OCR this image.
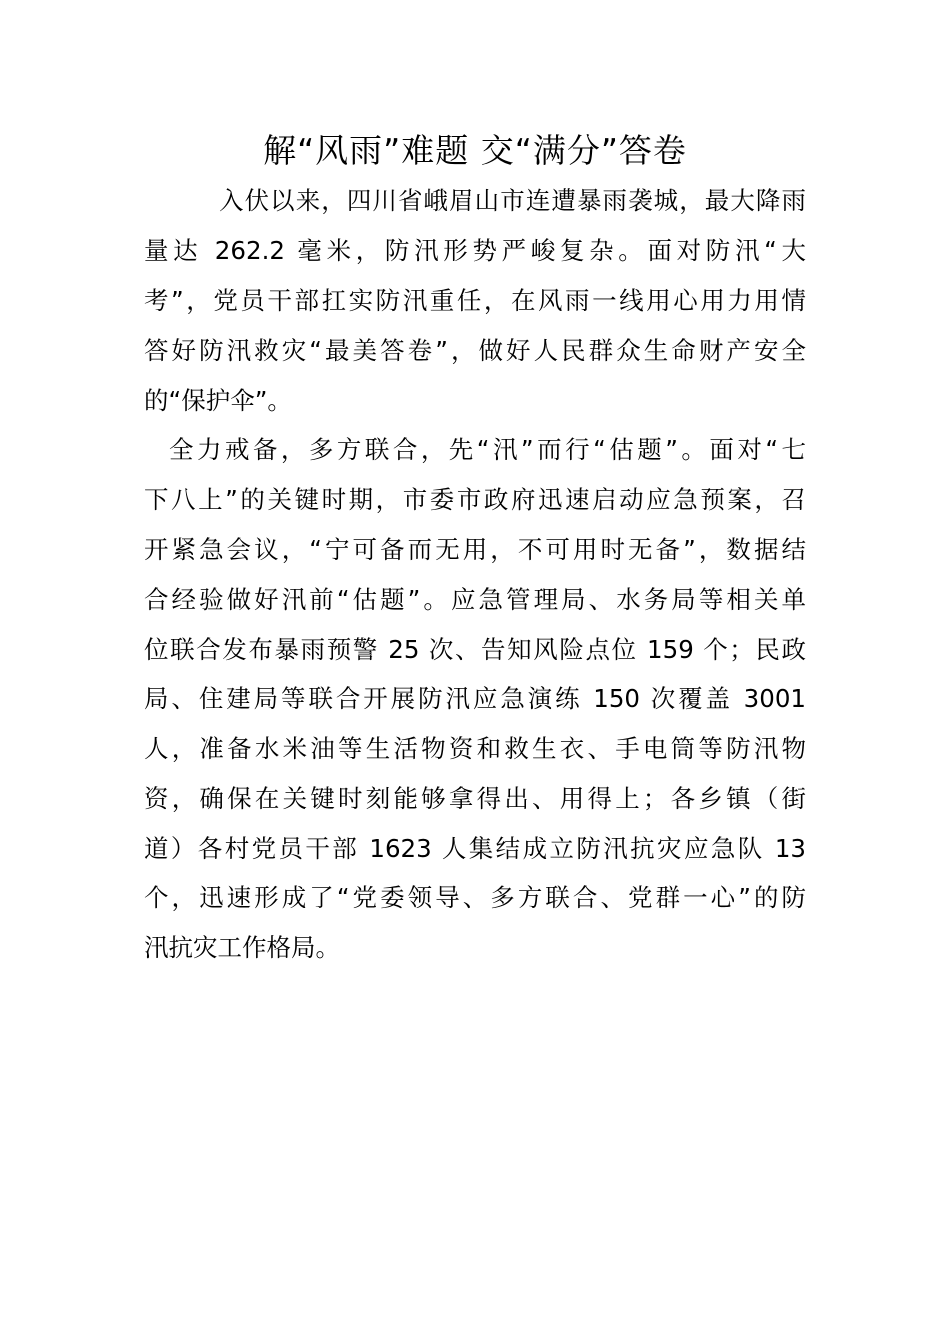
解“风雨”难题 交“满分”答卷

入伏以来，四川省峨眉山市连遭暴雨袭城，最大降雨

量达 262.2 毫米，防汛形势严峻复杂。面对防汛“大

考”，党员干部扛实防汛重任，在风雨一线用心用力用情

答好防汛救灾“最美答卷”，做好人民群众生命财产安全

的“保护伞”。

全力戒备，多方联合，先“汛”而行“估题”。面对“七

下八上”的关键时期，市委市政府迅速启动应急预案，召

开紧急会议，“宁可备而无用，不可用时无备”，数据结

合经验做好汛前“估题”。应急管理局、水务局等相关单

位联合发布暴雨预警 25 次、告知风险点位 159 个；民政

局、住建局等联合开展防汛应急演练 150 次覆盖 3001

人，准备水米油等生活物资和救生衣、手电筒等防汛物

资，确保在关键时刻能够拿得出、用得上；各乡镇（街

道）各村党员干部 1623 人集结成立防汛抗灾应急队 13

个，迅速形成了“党委领导、多方联合、党群一心”的防

汛抗灾工作格局。
